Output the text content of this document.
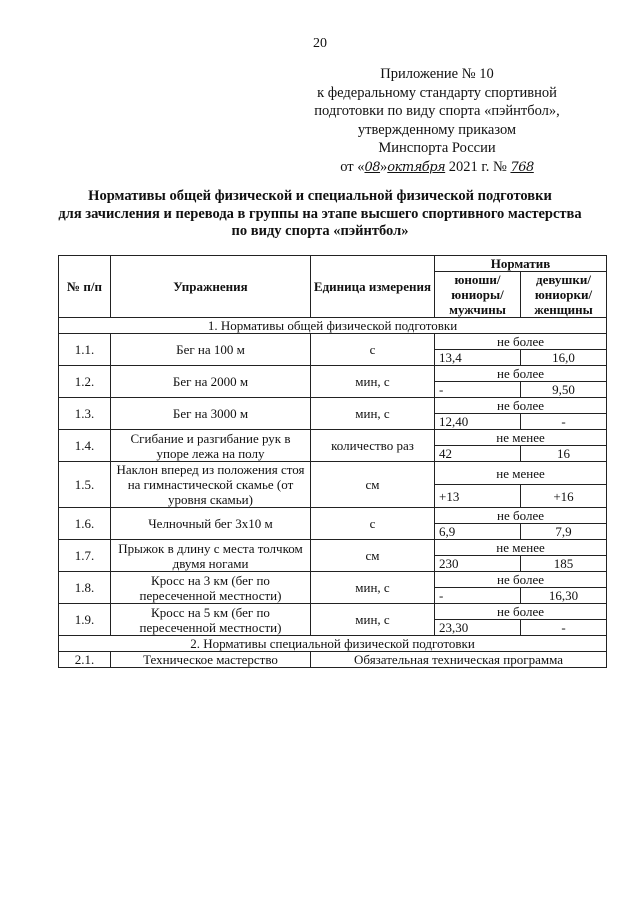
20
Приложение № 10
к федеральному стандарту спортивной
подготовки по виду спорта «пэйнтбол»,
утвержденному приказом
Минспорта России
от «08»октября 2021 г. № 768
Нормативы общей физической и специальной физической подготовки
для зачисления и перевода в группы на этапе высшего спортивного мастерства
по виду спорта «пэйнтбол»
№ п/п	Упражнения	Единица измерения	Норматив	
			юноши/ юниоры/ мужчины	девушки/ юниорки/ женщины
1. Нормативы общей физической подготовки				
1.1.	Бег на 100 м	с	не более	
			13,4	16,0
1.2.	Бег на 2000 м	мин, с	не более	
			-	9,50
1.3.	Бег на 3000 м	мин, с	не более	
			12,40	-
1.4.	Сгибание и разгибание рук в упоре лежа на полу	количество раз	не менее	
			42	16
1.5.	Наклон вперед из положения стоя на гимнастической скамье (от уровня скамьи)	см	не менее	
			+13	+16
1.6.	Челночный бег 3х10 м	с	не более	
			6,9	7,9
1.7.	Прыжок в длину с места толчком двумя ногами	см	не менее	
			230	185
1.8.	Кросс на 3 км (бег по пересеченной местности)	мин, с	не более	
			-	16,30
1.9.	Кросс на 5 км (бег по пересеченной местности)	мин, с	не более	
			23,30	-
2. Нормативы специальной физической подготовки				
2.1.	Техническое мастерство	Обязательная техническая программа		
